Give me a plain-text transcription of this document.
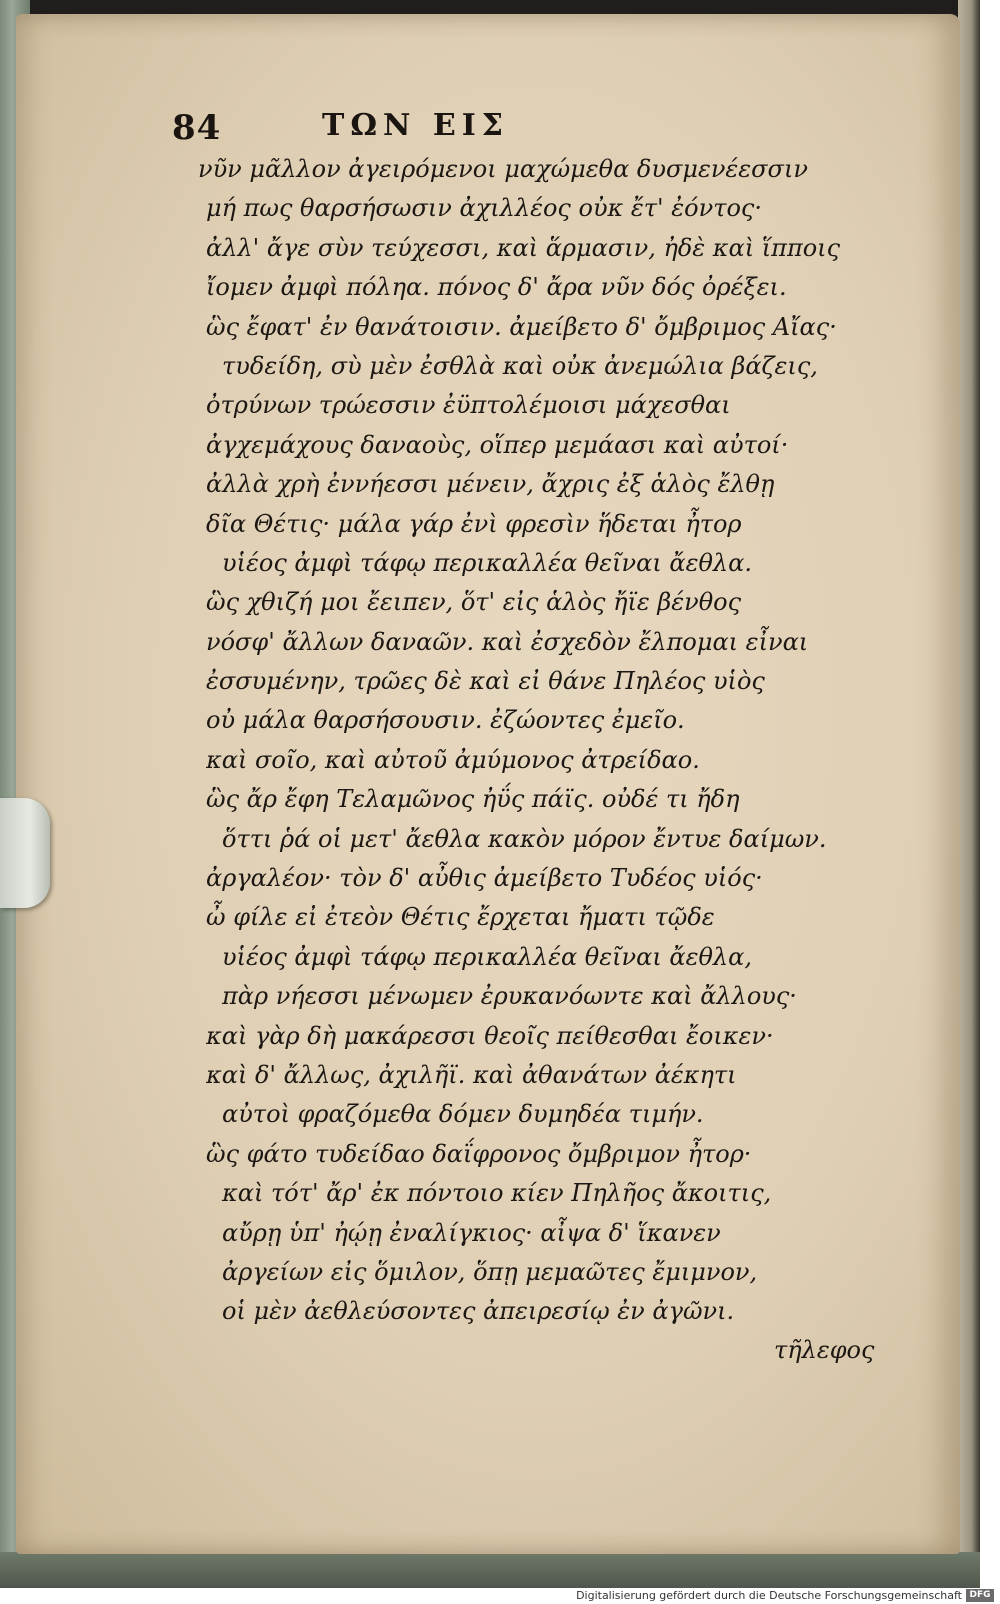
84	ΤΩΝ ΕΙΣ
νῦν μᾶλλον ἀγειρόμενοι μαχώμεθα δυσμενέεσσιν
μή πως θαρσήσωσιν ἀχιλλέος οὐκ ἔτ' ἐόντος·
ἀλλ' ἄγε σὺν τεύχεσσι, καὶ ἅρμασιν, ἠδὲ καὶ ἵπποις
ἴομεν ἀμφὶ πόληα. πόνος δ' ἄρα νῦν δός ὀρέξει.
ὣς ἔφατ' ἐν θανάτοισιν. ἀμείβετο δ' ὄμβριμος Αἴας·
τυδείδη, σὺ μὲν ἐσθλὰ καὶ οὐκ ἀνεμώλια βάζεις,
ὀτρύνων τρώεσσιν ἐϋπτολέμοισι μάχεσθαι
ἀγχεμάχους δαναοὺς, οἵπερ μεμάασι καὶ αὐτοί·
ἀλλὰ χρὴ ἐννήεσσι μένειν, ἄχρις ἐξ ἁλὸς ἔλθῃ
δῖα Θέτις· μάλα γάρ ἐνὶ φρεσὶν ἥδεται ἦτορ
υἱέος ἀμφὶ τάφῳ περικαλλέα θεῖναι ἄεθλα.
ὣς χθιζή μοι ἔειπεν, ὅτ' εἰς ἁλὸς ἤϊε βένθος
νόσφ' ἄλλων δαναῶν. καὶ ἐσχεδὸν ἔλπομαι εἶναι
ἐσσυμένην, τρῶες δὲ καὶ εἰ θάνε Πηλέος υἱὸς
οὐ μάλα θαρσήσουσιν. ἐζώοντες ἐμεῖο.
καὶ σοῖο, καὶ αὐτοῦ ἀμύμονος ἀτρείδαο.
ὣς ἄρ ἔφη Τελαμῶνος ἠΰς πάϊς. οὐδέ τι ἤδη
ὅττι ῥά οἱ μετ' ἄεθλα κακὸν μόρον ἔντυε δαίμων.
ἀργαλέον· τὸν δ' αὖθις ἀμείβετο Τυδέος υἱός·
ὦ φίλε εἰ ἐτεὸν Θέτις ἔρχεται ἤματι τῷδε
υἱέος ἀμφὶ τάφῳ περικαλλέα θεῖναι ἄεθλα,
πὰρ νήεσσι μένωμεν ἐρυκανόωντε καὶ ἄλλους·
καὶ γὰρ δὴ μακάρεσσι θεοῖς πείθεσθαι ἔοικεν·
καὶ δ' ἄλλως, ἀχιλῆϊ. καὶ ἀθανάτων ἀέκητι
αὐτοὶ φραζόμεθα δόμεν δυμηδέα τιμήν.
ὣς φάτο τυδείδαο δαΐφρονος ὄμβριμον ἦτορ·
καὶ τότ' ἄρ' ἐκ πόντοιο κίεν Πηλῆος ἄκοιτις,
αὔρῃ ὑπ' ἠῴῃ ἐναλίγκιος· αἶψα δ' ἵκανεν
ἀργείων εἰς ὅμιλον, ὅπῃ μεμαῶτες ἔμιμνον,
οἱ μὲν ἀεθλεύσοντες ἀπειρεσίῳ ἐν ἀγῶνι.
τῆλεφος
Digitalisierung gefördert durch die Deutsche Forschungsgemeinschaft DFG
